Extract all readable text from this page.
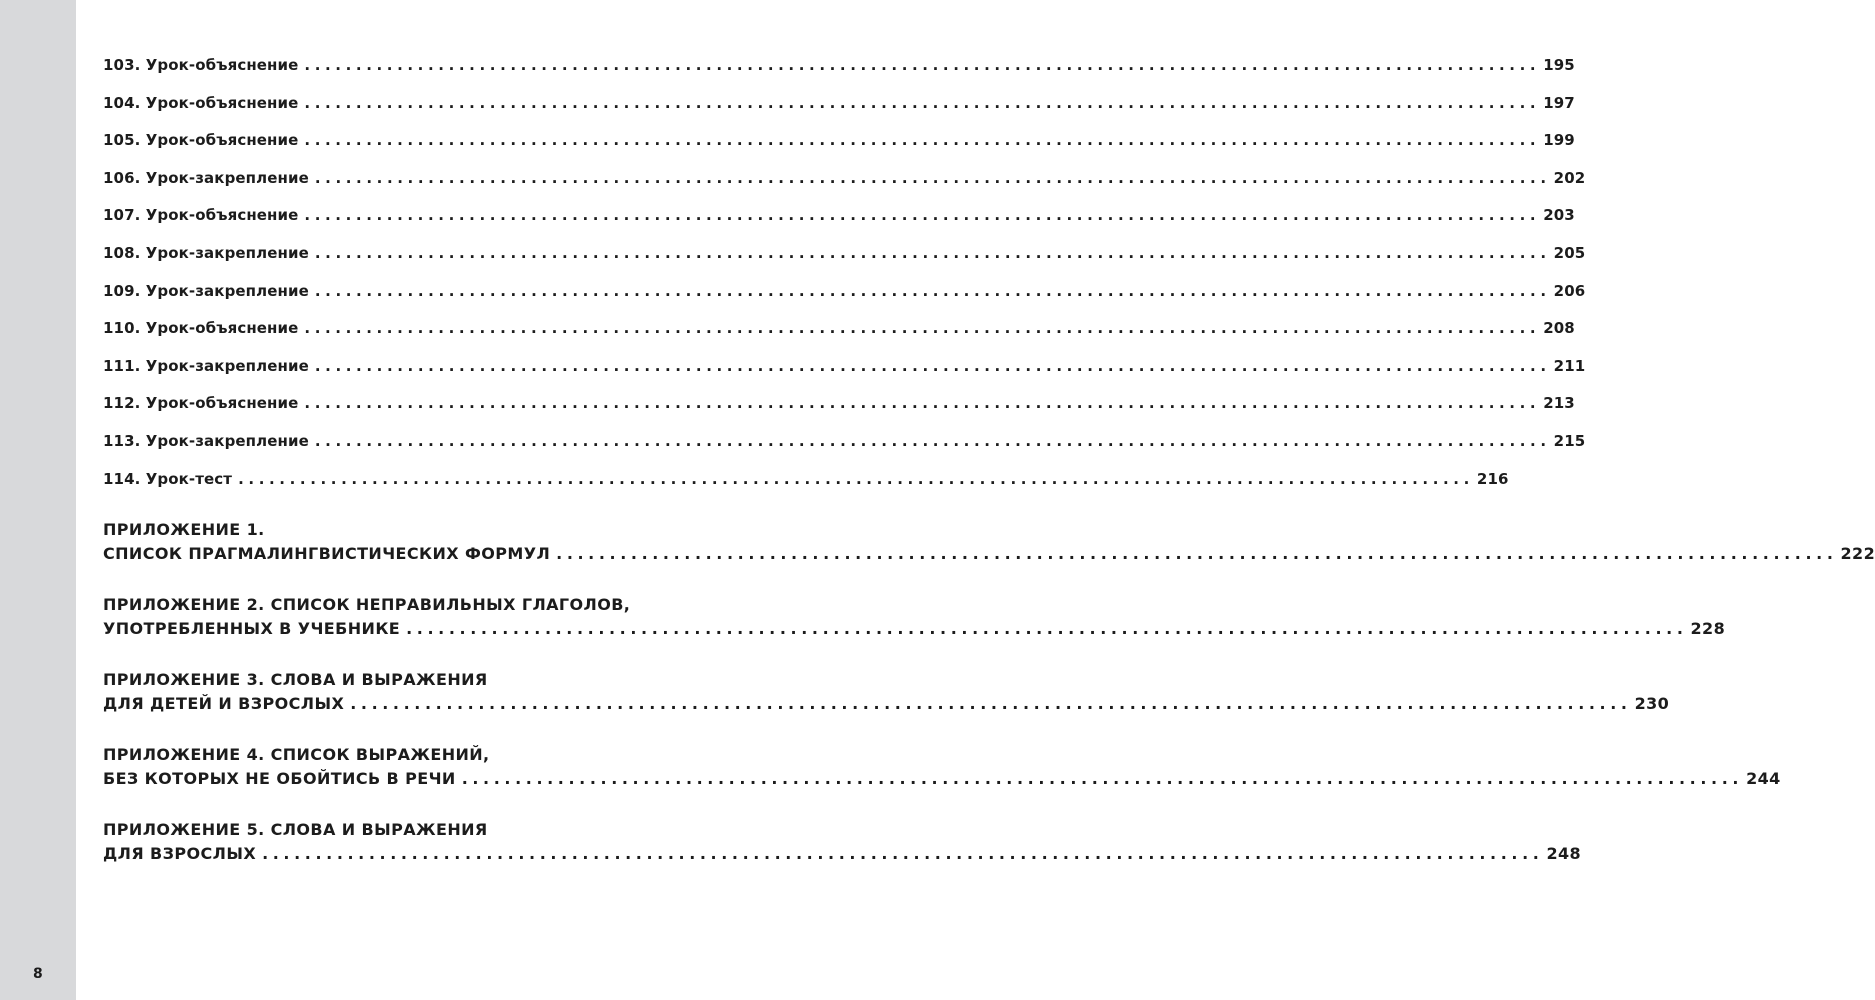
8
103. Урок-объяснение ........................................................................................................................ 195
104. Урок-объяснение ........................................................................................................................ 197
105. Урок-объяснение ........................................................................................................................ 199
106. Урок-закрепление ........................................................................................................................ 202
107. Урок-объяснение ........................................................................................................................ 203
108. Урок-закрепление ........................................................................................................................ 205
109. Урок-закрепление ........................................................................................................................ 206
110. Урок-объяснение ........................................................................................................................ 208
111. Урок-закрепление ........................................................................................................................ 211
112. Урок-объяснение ........................................................................................................................ 213
113. Урок-закрепление ........................................................................................................................ 215
114. Урок-тест ........................................................................................................................ 216
ПРИЛОЖЕНИЕ 1.
СПИСОК ПРАГМАЛИНГВИСТИЧЕСКИХ ФОРМУЛ ........................................................................................................................ 222
ПРИЛОЖЕНИЕ 2. СПИСОК НЕПРАВИЛЬНЫХ ГЛАГОЛОВ,
УПОТРЕБЛЕННЫХ В УЧЕБНИКЕ ........................................................................................................................ 228
ПРИЛОЖЕНИЕ 3. СЛОВА И ВЫРАЖЕНИЯ
ДЛЯ ДЕТЕЙ И ВЗРОСЛЫХ ........................................................................................................................ 230
ПРИЛОЖЕНИЕ 4. СПИСОК ВЫРАЖЕНИЙ,
БЕЗ КОТОРЫХ НЕ ОБОЙТИСЬ В РЕЧИ ........................................................................................................................ 244
ПРИЛОЖЕНИЕ 5. СЛОВА И ВЫРАЖЕНИЯ
ДЛЯ ВЗРОСЛЫХ ........................................................................................................................ 248
